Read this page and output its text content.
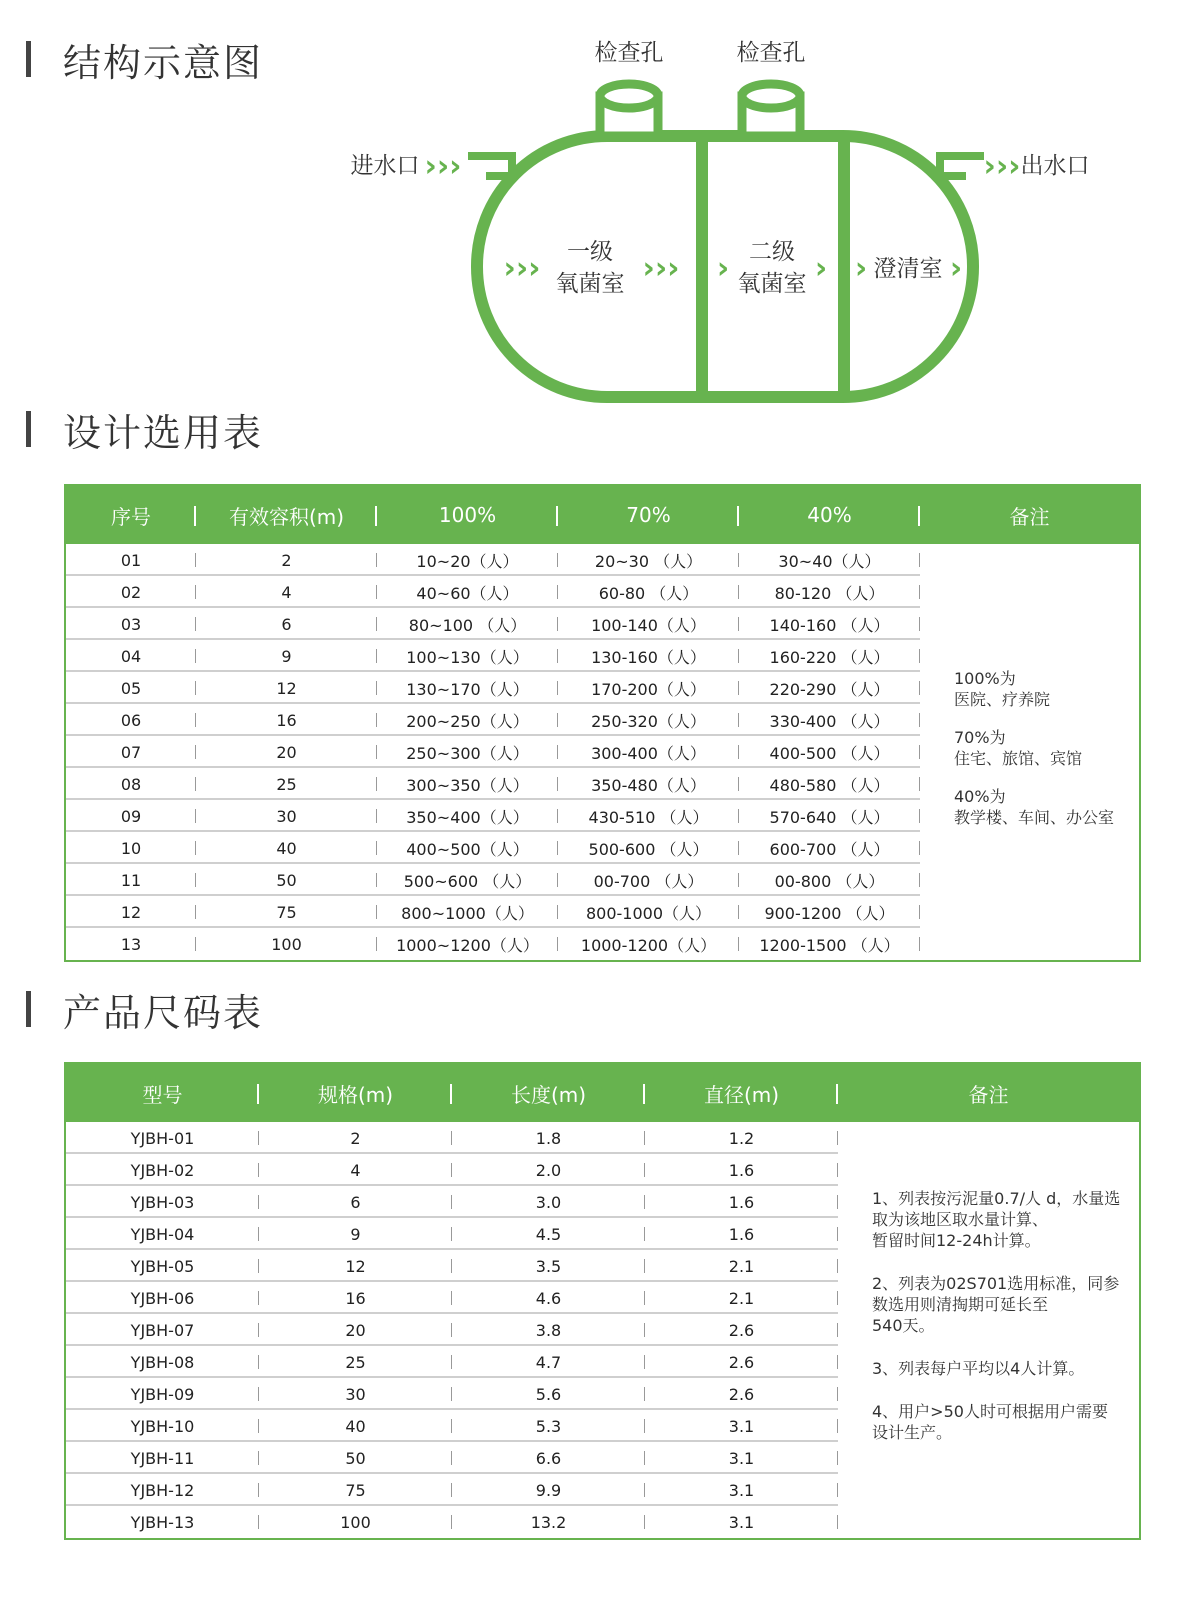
结构示意图	检查孔	检查孔
进水口	出水口
一级
氧菌室
二级
氧菌室
澄清室
›››	›››
›››	››› ›	› ›	›
设计选用表
序号	有效容积(m)	100%	70%	40%	备注
01	2	10~20（人）	20~30 （人）	30~40（人）
02	4	40~60（人）	60-80 （人）	80-120 （人）
03	6	80~100 （人）	100-140（人）	140-160 （人）
04	9	100~130（人）	130-160（人）	160-220 （人）
05	12	130~170（人）	170-200（人）	220-290 （人）
06	16	200~250（人）	250-320（人）	330-400 （人）
07	20	250~300（人）	300-400（人）	400-500 （人）
08	25	300~350（人）	350-480（人）	480-580 （人）
09	30	350~400（人）	430-510 （人）	570-640 （人）
10	40	400~500（人）	500-600 （人）	600-700 （人）
11	50	500~600 （人）	00-700 （人）	00-800 （人）
12	75	800~1000（人）	800-1000（人）	900-1200 （人）
13	100	1000~1200（人）	1000-1200（人）	1200-1500 （人）

100%为

医院、疗养院

70%为

住宅、旅馆、宾馆

40%为

教学楼、车间、办公室

产品尺码表
型号	规格(m)	长度(m)	直径(m)	备注
YJBH-01	2	1.8	1.2
YJBH-02	4	2.0	1.6
YJBH-03	6	3.0	1.6
YJBH-04	9	4.5	1.6
YJBH-05	12	3.5	2.1
YJBH-06	16	4.6	2.1
YJBH-07	20	3.8	2.6
YJBH-08	25	4.7	2.6
YJBH-09	30	5.6	2.6
YJBH-10	40	5.3	3.1
YJBH-11	50	6.6	3.1
YJBH-12	75	9.9	3.1
YJBH-13	100	13.2	3.1

1、列表按污泥量0.7/人 d，水量选

取为该地区取水量计算、

暂留时间12-24h计算。

2、列表为02S701选用标准，同参

数选用则清掏期可延长至

540天。

3、列表每户平均以4人计算。

4、用户>50人时可根据用户需要

设计生产。
